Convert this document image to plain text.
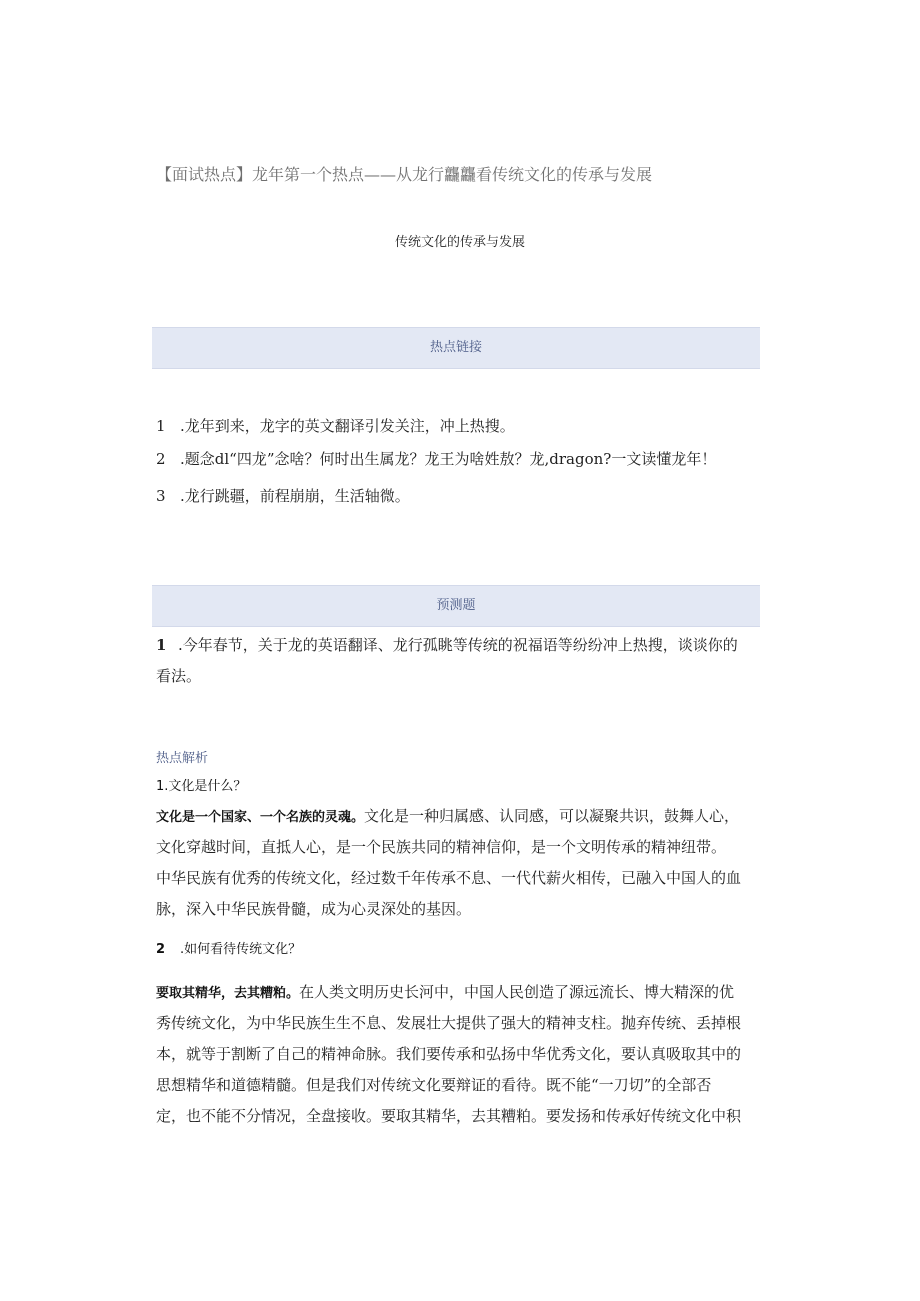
【面试热点】龙年第一个热点——从龙行龘龘看传统文化的传承与发展
传统文化的传承与发展
热点链接
1 .龙年到来，龙字的英文翻译引发关注，冲上热搜。
2 .题念dl“四龙”念啥？何时出生属龙？龙王为啥姓敖？龙,dragon?一文读懂龙年！
3 .龙行跳疆，前程崩崩，生活轴微。
预测题
1 .今年春节，关于龙的英语翻译、龙行孤眺等传统的祝福语等纷纷冲上热搜，谈谈你的
看法。
热点解析
1.文化是什么？
文化是一个国家、一个名族的灵魂。文化是一种归属感、认同感，可以凝聚共识，鼓舞人心，
文化穿越时间，直抵人心，是一个民族共同的精神信仰，是一个文明传承的精神纽带。
中华民族有优秀的传统文化，经过数千年传承不息、一代代薪火相传，已融入中国人的血
脉，深入中华民族骨髓，成为心灵深处的基因。
2 .如何看待传统文化？
要取其精华，去其糟粕。在人类文明历史长河中，中国人民创造了源远流长、博大精深的优
秀传统文化，为中华民族生生不息、发展壮大提供了强大的精神支柱。抛弃传统、丢掉根
本，就等于割断了自己的精神命脉。我们要传承和弘扬中华优秀文化，要认真吸取其中的
思想精华和道德精髓。但是我们对传统文化要辩证的看待。既不能“一刀切”的全部否
定，也不能不分情况，全盘接收。要取其精华，去其糟粕。要发扬和传承好传统文化中积
